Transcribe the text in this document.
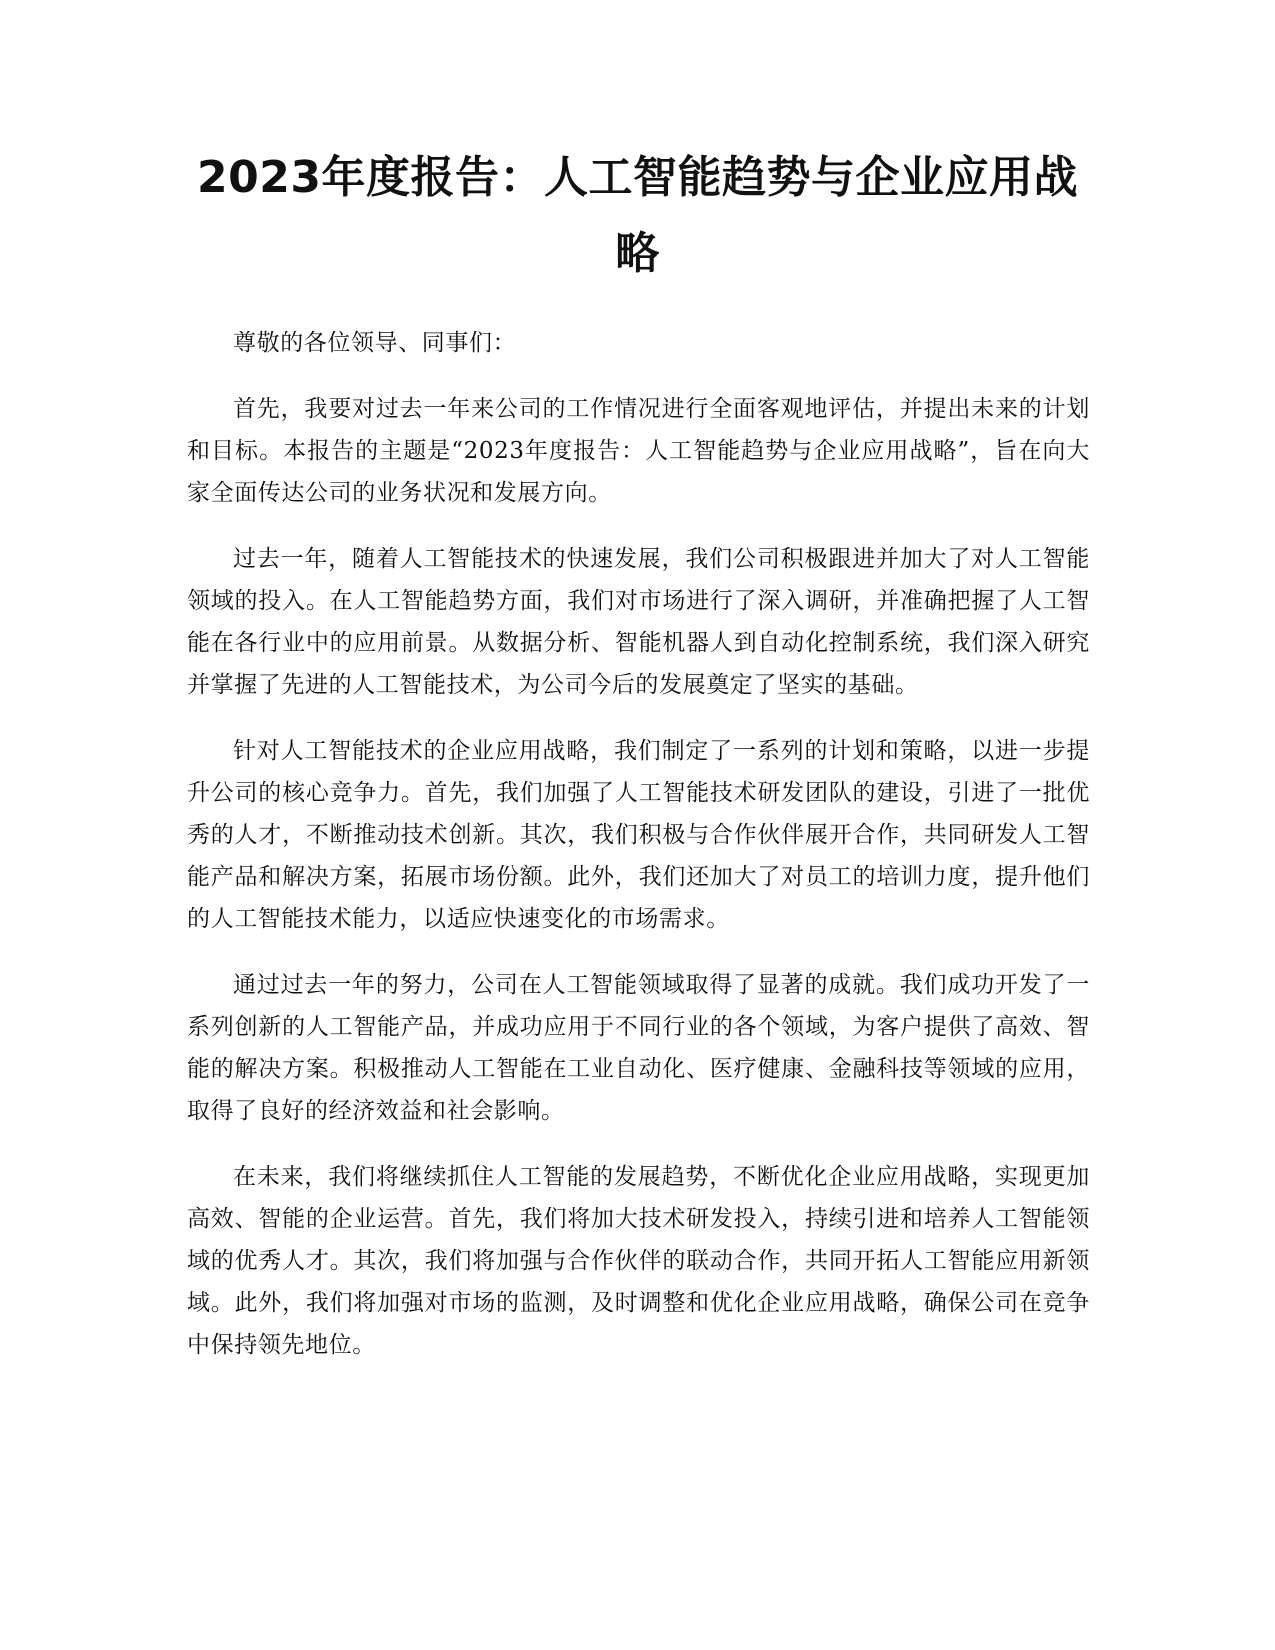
2023年度报告：人工智能趋势与企业应用战略

尊敬的各位领导、同事们：

首先，我要对过去一年来公司的工作情况进行全面客观地评估，并提出未来的计划和目标。本报告的主题是“2023年度报告：人工智能趋势与企业应用战略”，旨在向大家全面传达公司的业务状况和发展方向。

过去一年，随着人工智能技术的快速发展，我们公司积极跟进并加大了对人工智能领域的投入。在人工智能趋势方面，我们对市场进行了深入调研，并准确把握了人工智能在各行业中的应用前景。从数据分析、智能机器人到自动化控制系统，我们深入研究并掌握了先进的人工智能技术，为公司今后的发展奠定了坚实的基础。

针对人工智能技术的企业应用战略，我们制定了一系列的计划和策略，以进一步提升公司的核心竞争力。首先，我们加强了人工智能技术研发团队的建设，引进了一批优秀的人才，不断推动技术创新。其次，我们积极与合作伙伴展开合作，共同研发人工智能产品和解决方案，拓展市场份额。此外，我们还加大了对员工的培训力度，提升他们的人工智能技术能力，以适应快速变化的市场需求。

通过过去一年的努力，公司在人工智能领域取得了显著的成就。我们成功开发了一系列创新的人工智能产品，并成功应用于不同行业的各个领域，为客户提供了高效、智能的解决方案。积极推动人工智能在工业自动化、医疗健康、金融科技等领域的应用，取得了良好的经济效益和社会影响。

在未来，我们将继续抓住人工智能的发展趋势，不断优化企业应用战略，实现更加高效、智能的企业运营。首先，我们将加大技术研发投入，持续引进和培养人工智能领域的优秀人才。其次，我们将加强与合作伙伴的联动合作，共同开拓人工智能应用新领域。此外，我们将加强对市场的监测，及时调整和优化企业应用战略，确保公司在竞争中保持领先地位。
